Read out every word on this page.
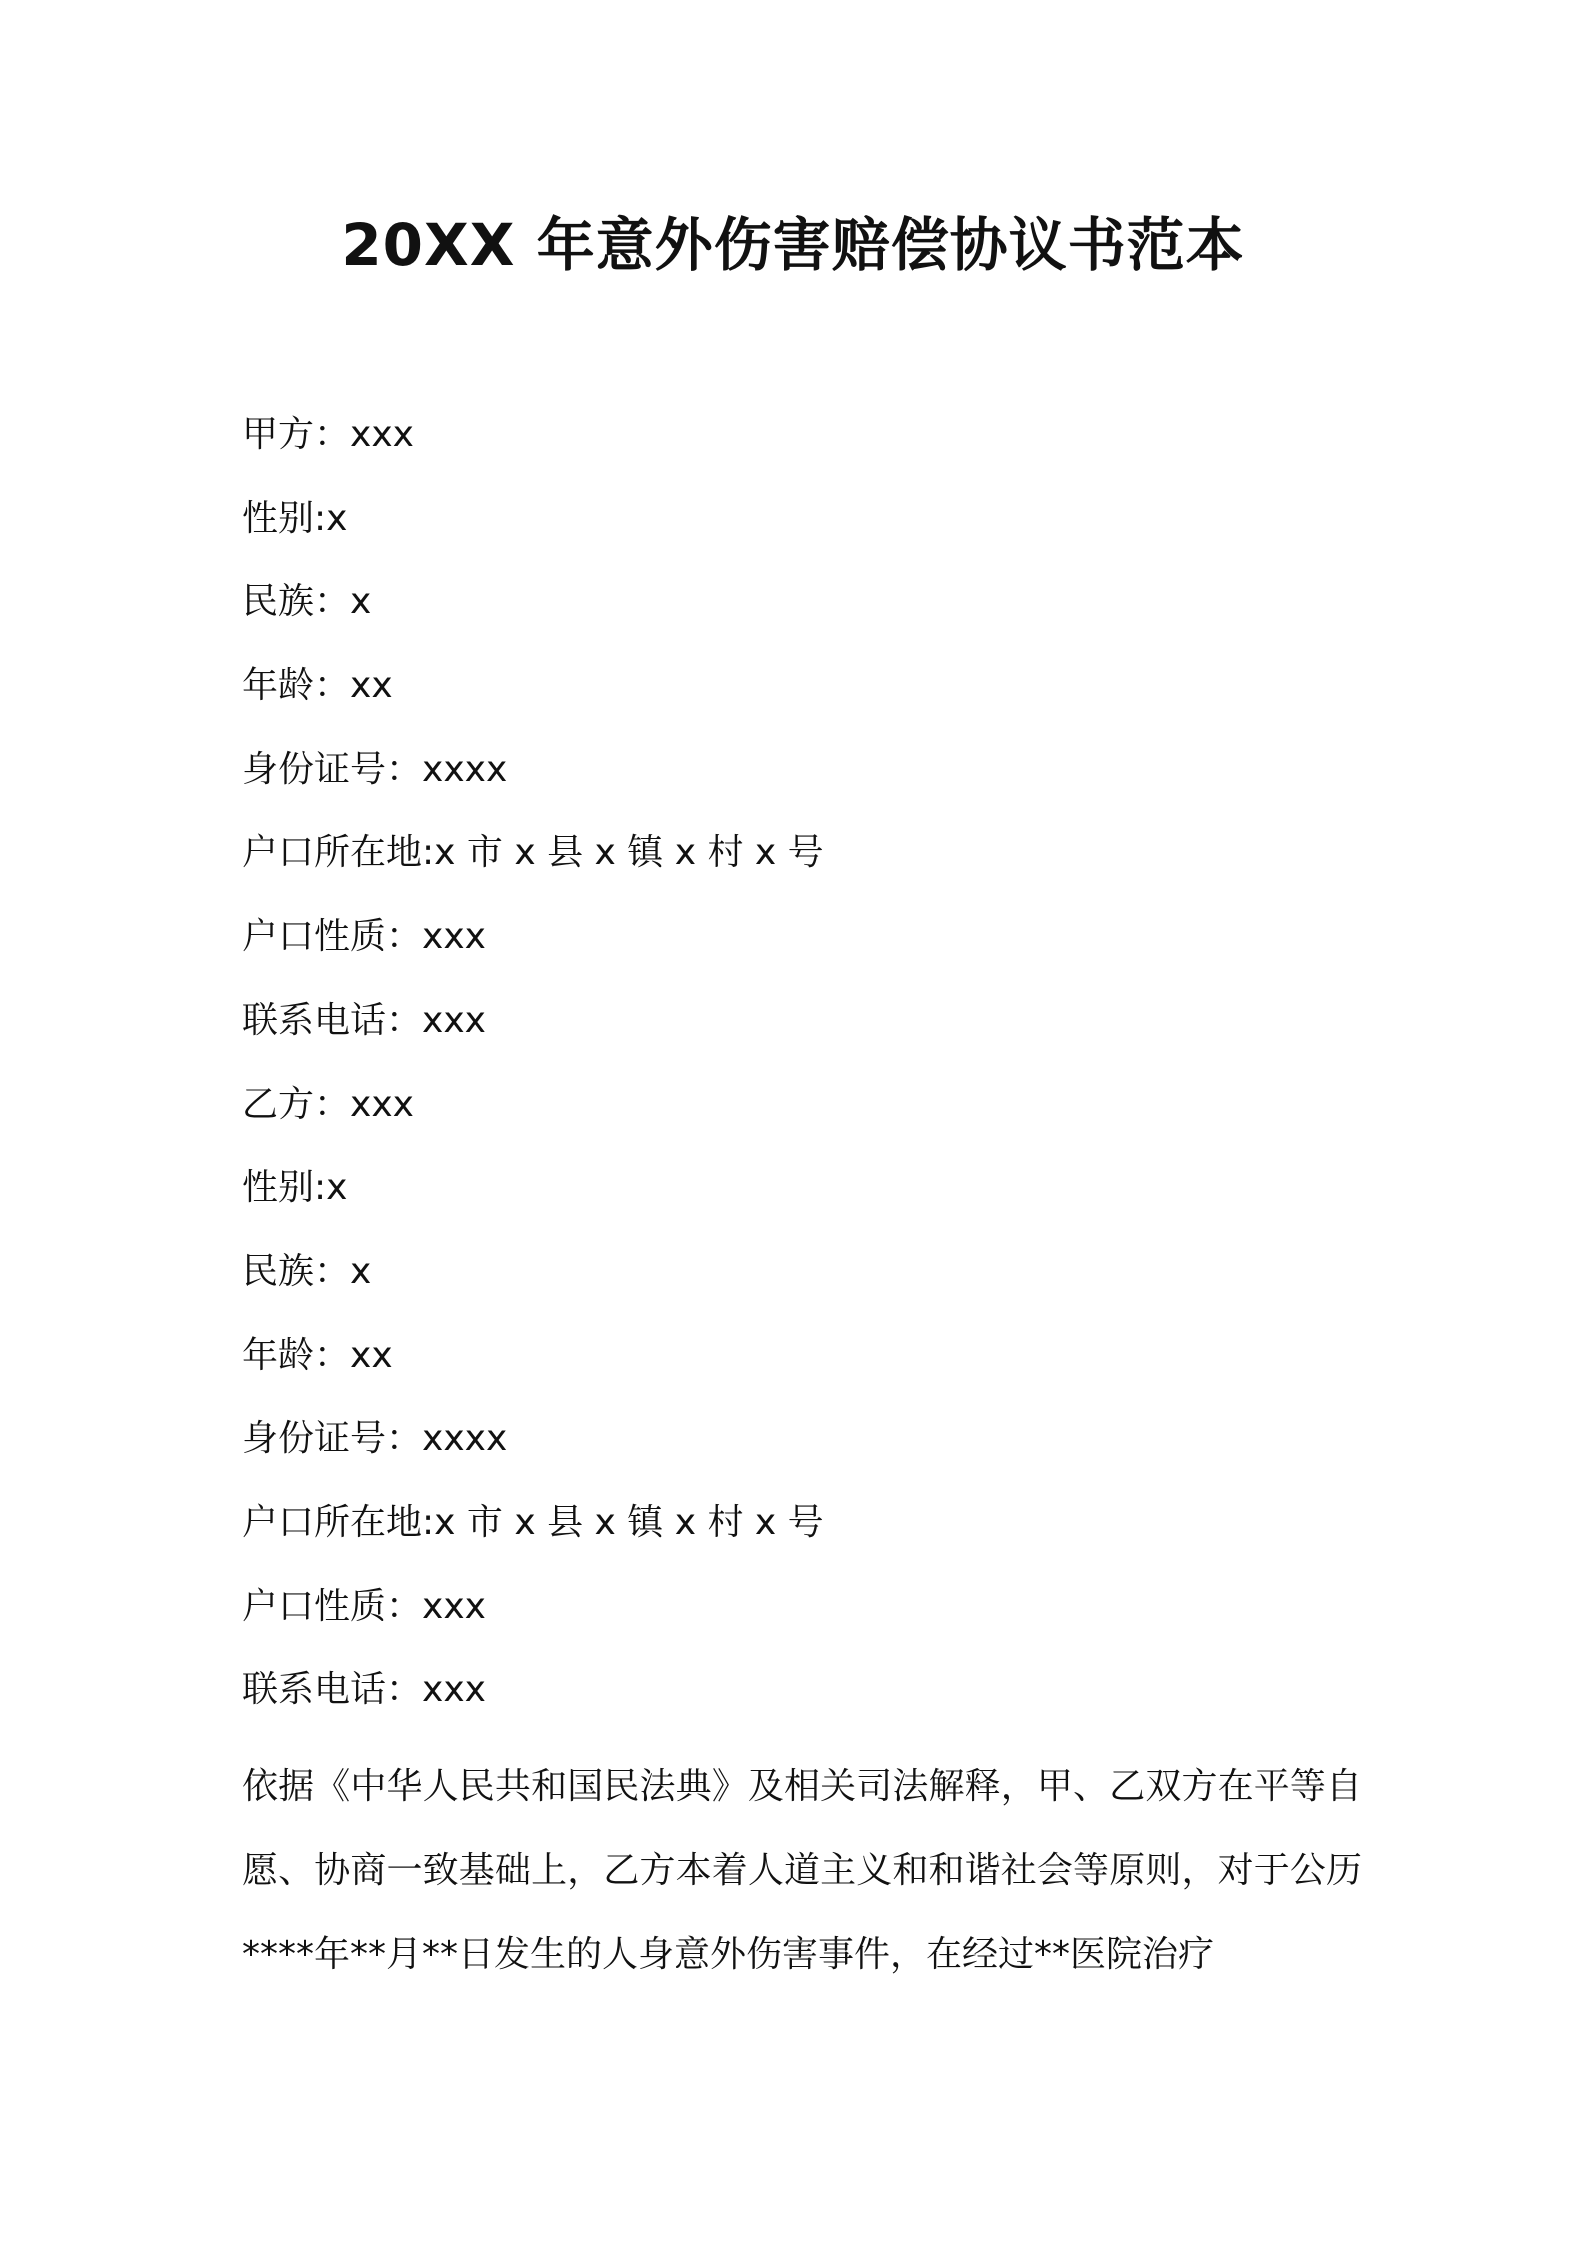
20XX 年意外伤害赔偿协议书范本
甲方：xxx
性别:x
民族：x
年龄：xx
身份证号：xxxx
户口所在地:x 市 x 县 x 镇 x 村 x 号
户口性质：xxx
联系电话：xxx
乙方：xxx
性别:x
民族：x
年龄：xx
身份证号：xxxx
户口所在地:x 市 x 县 x 镇 x 村 x 号
户口性质：xxx
联系电话：xxx

依据《中华人民共和国民法典》及相关司法解释，甲、乙双方在平等自愿、协商一致基础上，乙方本着人道主义和和谐社会等原则，对于公历****年**月**日发生的人身意外伤害事件，在经过**医院治疗
